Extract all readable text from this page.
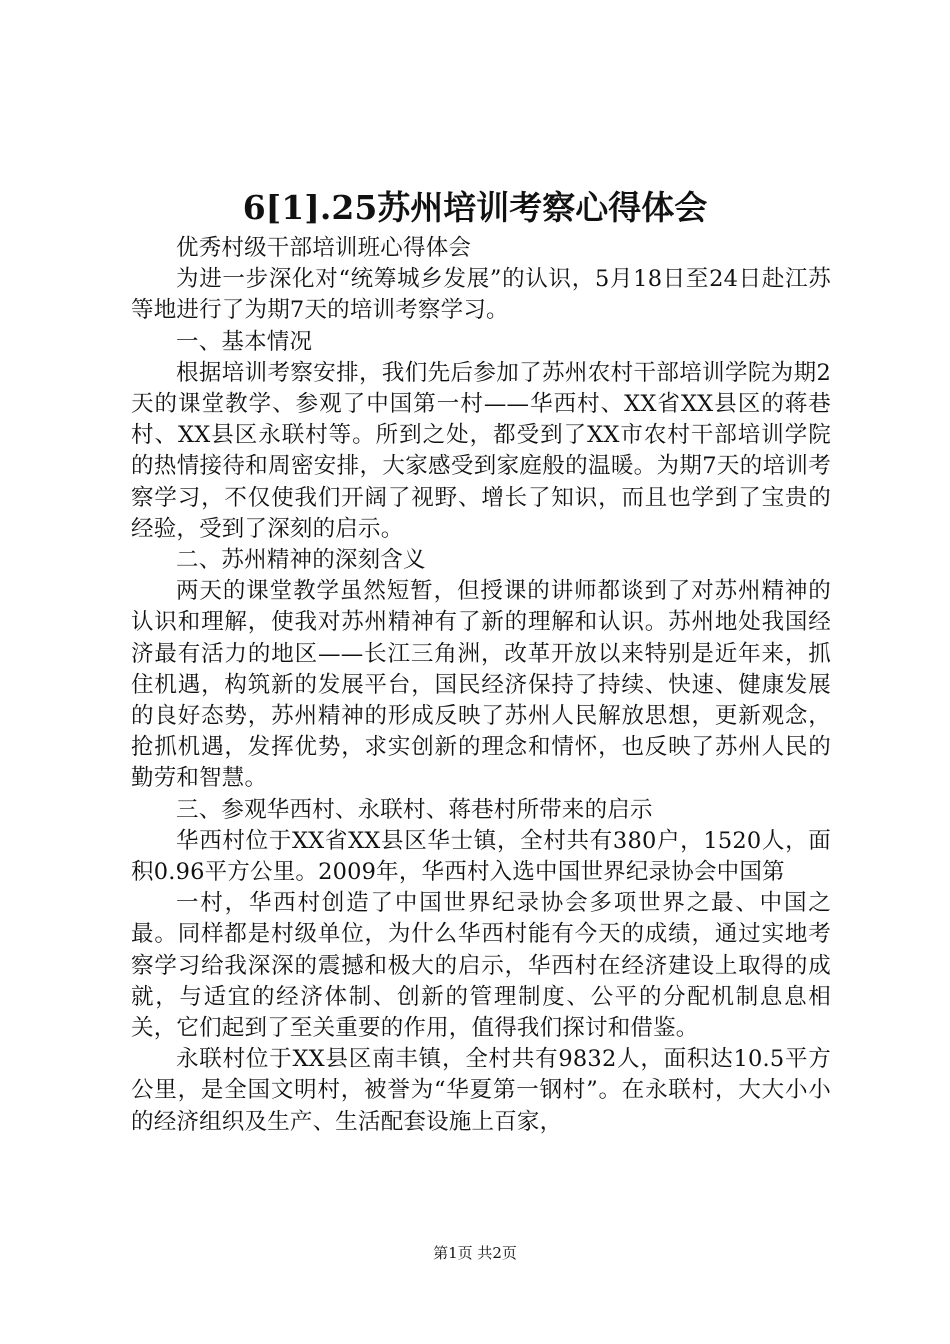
6[1].25苏州培训考察心得体会

优秀村级干部培训班心得体会

为进一步深化对“统筹城乡发展”的认识，5月18日至24日赴江苏等地进行了为期7天的培训考察学习。

一、基本情况

根据培训考察安排，我们先后参加了苏州农村干部培训学院为期2天的课堂教学、参观了中国第一村——华西村、XX省XX县区的蒋巷村、XX县区永联村等。所到之处，都受到了XX市农村干部培训学院的热情接待和周密安排，大家感受到家庭般的温暖。为期7天的培训考察学习，不仅使我们开阔了视野、增长了知识，而且也学到了宝贵的经验，受到了深刻的启示。

二、苏州精神的深刻含义

两天的课堂教学虽然短暂，但授课的讲师都谈到了对苏州精神的认识和理解，使我对苏州精神有了新的理解和认识。苏州地处我国经济最有活力的地区——长江三角洲，改革开放以来特别是近年来，抓住机遇，构筑新的发展平台，国民经济保持了持续、快速、健康发展的良好态势，苏州精神的形成反映了苏州人民解放思想，更新观念，抢抓机遇，发挥优势，求实创新的理念和情怀，也反映了苏州人民的勤劳和智慧。

三、参观华西村、永联村、蒋巷村所带来的启示

华西村位于XX省XX县区华士镇，全村共有380户，1520人，面积0.96平方公里。2009年，华西村入选中国世界纪录协会中国第

一村，华西村创造了中国世界纪录协会多项世界之最、中国之最。同样都是村级单位，为什么华西村能有今天的成绩，通过实地考察学习给我深深的震撼和极大的启示，华西村在经济建设上取得的成就，与适宜的经济体制、创新的管理制度、公平的分配机制息息相关，它们起到了至关重要的作用，值得我们探讨和借鉴。

永联村位于XX县区南丰镇，全村共有9832人，面积达10.5平方公里，是全国文明村，被誉为“华夏第一钢村”。在永联村，大大小小的经济组织及生产、生活配套设施上百家，

第1页 共2页
